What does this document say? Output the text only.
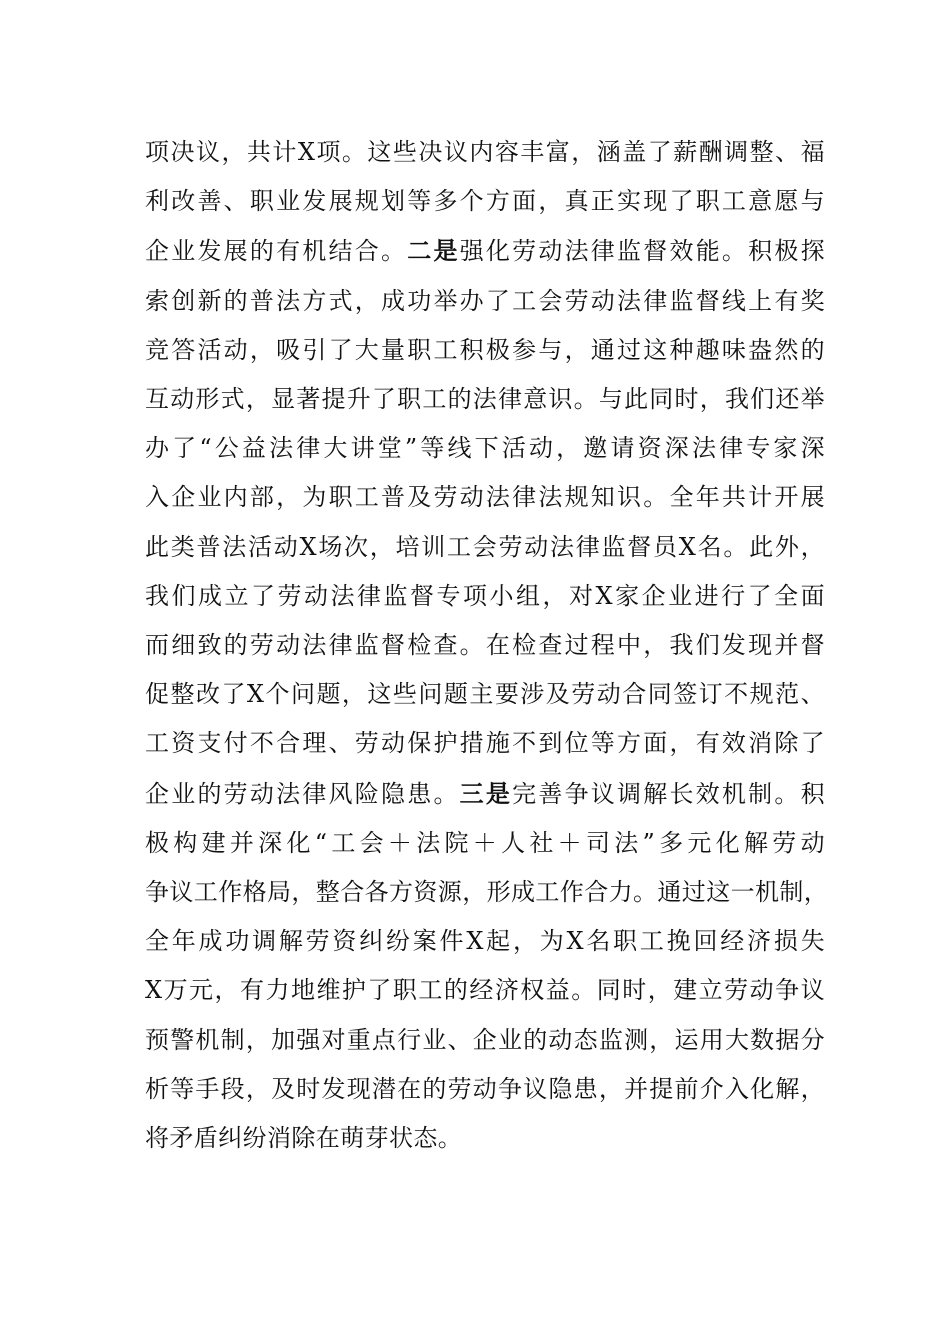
项决议，共计X项。这些决议内容丰富，涵盖了薪酬调整、福
利改善、职业发展规划等多个方面，真正实现了职工意愿与
企业发展的有机结合。二是强化劳动法律监督效能。积极探
索创新的普法方式，成功举办了工会劳动法律监督线上有奖
竞答活动，吸引了大量职工积极参与，通过这种趣味盎然的
互动形式，显著提升了职工的法律意识。与此同时，我们还举
办了“公益法律大讲堂”等线下活动，邀请资深法律专家深
入企业内部，为职工普及劳动法律法规知识。全年共计开展
此类普法活动X场次，培训工会劳动法律监督员X名。此外，
我们成立了劳动法律监督专项小组，对X家企业进行了全面
而细致的劳动法律监督检查。在检查过程中，我们发现并督
促整改了X个问题，这些问题主要涉及劳动合同签订不规范、
工资支付不合理、劳动保护措施不到位等方面，有效消除了
企业的劳动法律风险隐患。三是完善争议调解长效机制。积
极构建并深化“工会＋法院＋人社＋司法”多元化解劳动
争议工作格局，整合各方资源，形成工作合力。通过这一机制，
全年成功调解劳资纠纷案件X起，为X名职工挽回经济损失
X万元，有力地维护了职工的经济权益。同时，建立劳动争议
预警机制，加强对重点行业、企业的动态监测，运用大数据分
析等手段，及时发现潜在的劳动争议隐患，并提前介入化解，
将矛盾纠纷消除在萌芽状态。
